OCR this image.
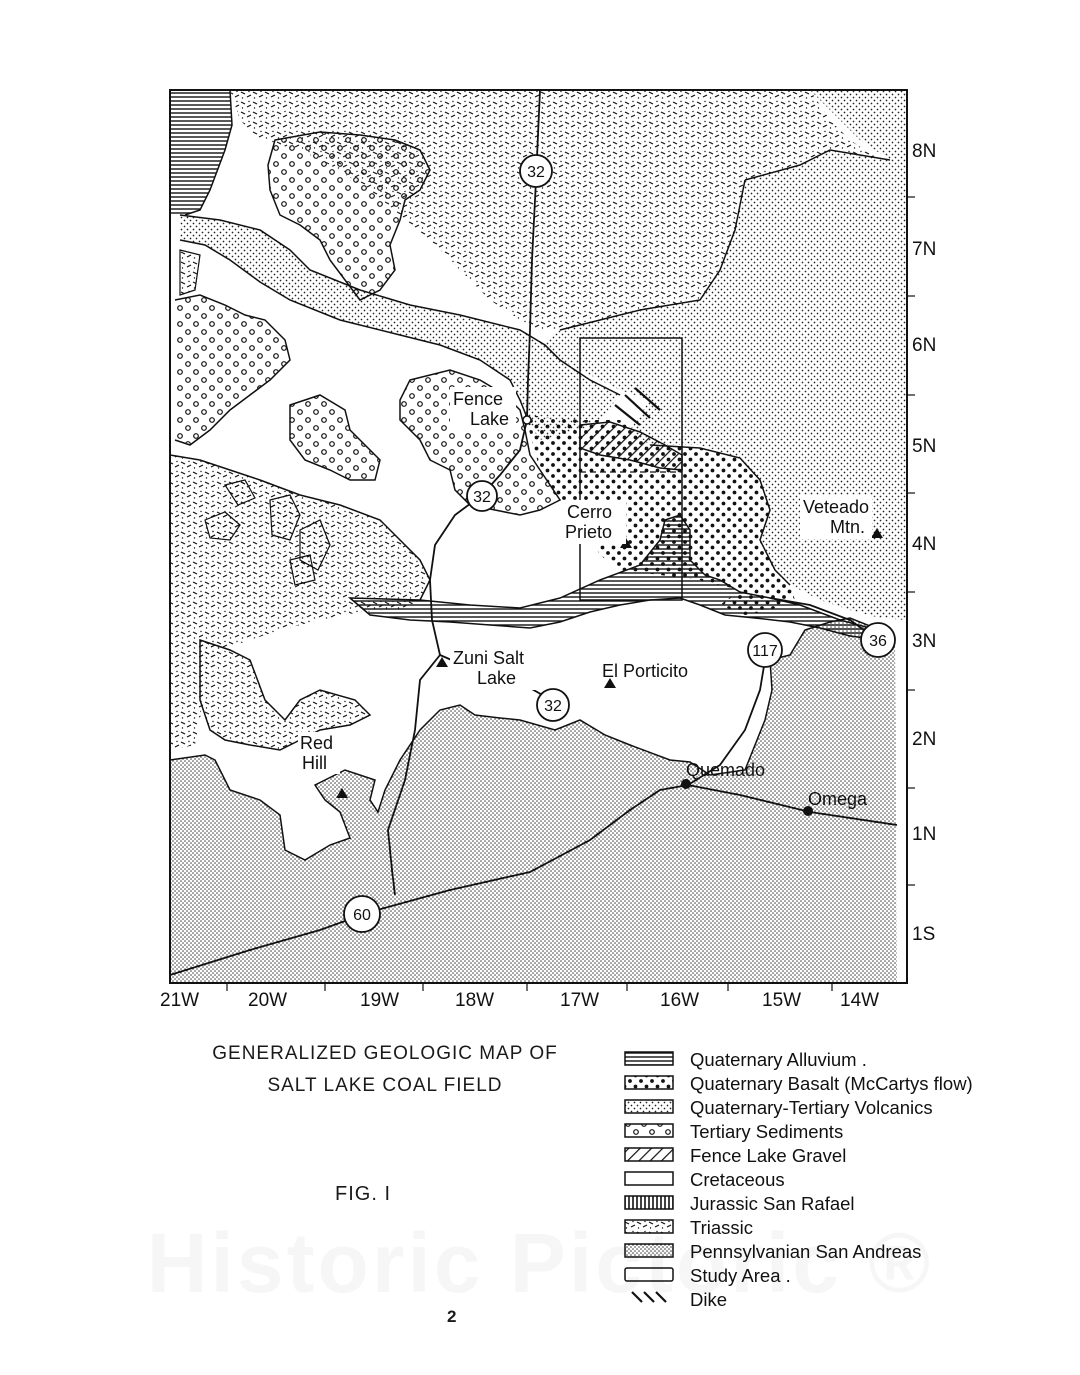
8N
7N
6N
5N
4N
3N
2N
1N
1S
21W	20W	19W	18W	17W	16W	15W 14W
32
32
32
117
36
60
Fence
Lake
Cerro
Prieto
Veteado
Mtn.
Zuni Salt
Lake	El Porticito
Red
Hill	Quemado
Omega
Quaternary Alluvium .
Quaternary Basalt (McCartys flow)
Quaternary-Tertiary Volcanics
Tertiary Sediments
Fence Lake Gravel
Cretaceous
Jurassic San Rafael
Triassic
Pennsylvanian San Andreas
Study Area .
Dike
GENERALIZED GEOLOGIC MAP OF
SALT LAKE COAL FIELD
FIG. I
2
